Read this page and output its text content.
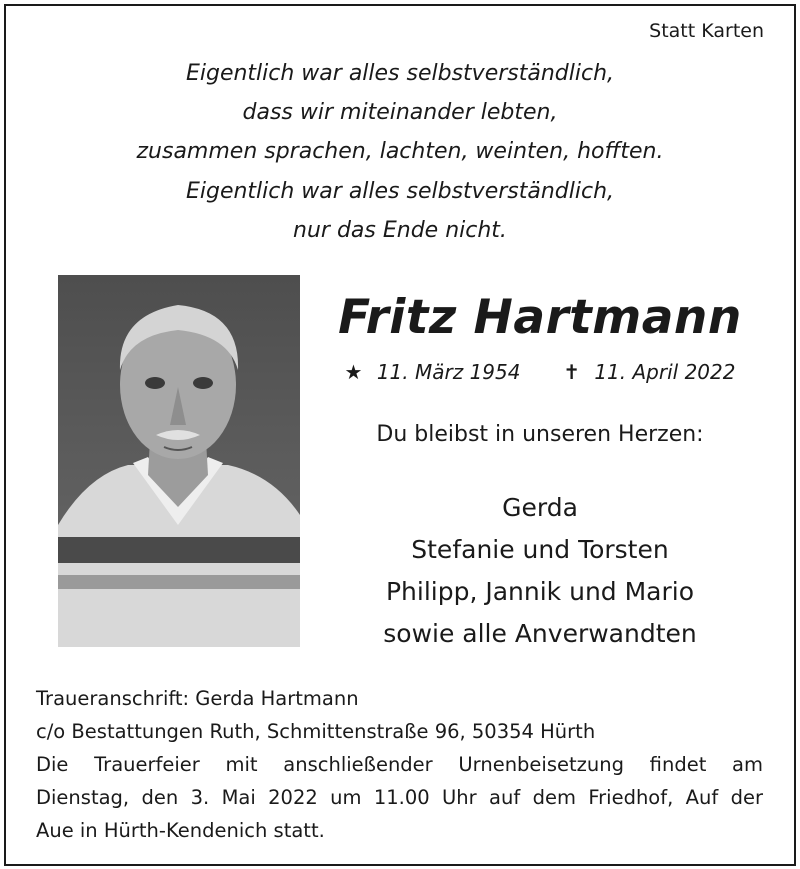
Statt Karten
Eigentlich war alles selbstverständlich,
dass wir miteinander lebten,
zusammen sprachen, lachten, weinten, hofften.
Eigentlich war alles selbstverständlich,
nur das Ende nicht.
Fritz Hartmann
★ 11. März 1954 ✝ 11. April 2022
Du bleibst in unseren Herzen:
Gerda
Stefanie und Torsten
Philipp, Jannik und Mario
sowie alle Anverwandten
Traueranschrift: Gerda Hartmann
c/o Bestattungen Ruth, Schmittenstraße 96, 50354 Hürth
Die Trauerfeier mit anschließender Urnenbeisetzung findet am
Dienstag, den 3. Mai 2022 um 11.00 Uhr auf dem Friedhof, Auf der
Aue in Hürth-Kendenich statt.
